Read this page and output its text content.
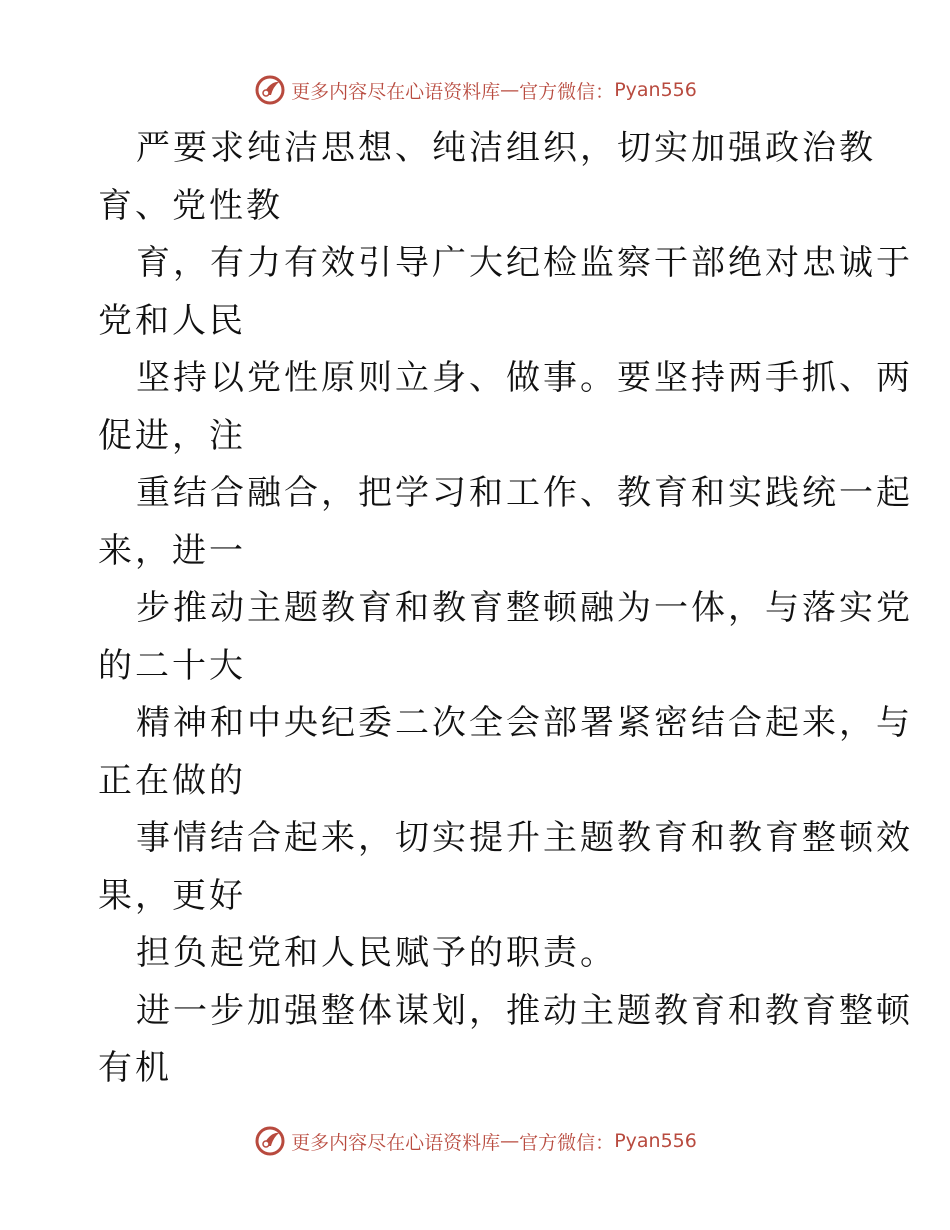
更多内容尽在心语资料库 — 官方微信： Pyan556

严要求纯洁思想、纯洁组织，切实加强政治教
育、党性教

育，有力有效引导广大纪检监察干部绝对忠诚于
党和人民

坚持以党性原则立身、做事。要坚持两手抓、两
促进，注

重结合融合，把学习和工作、教育和实践统一起
来，进一

步推动主题教育和教育整顿融为一体，与落实党
的二十大

精神和中央纪委二次全会部署紧密结合起来，与
正在做的

事情结合起来，切实提升主题教育和教育整顿效
果，更好

担负起党和人民赋予的职责。

进一步加强整体谋划，推动主题教育和教育整顿
有机

更多内容尽在心语资料库 — 官方微信： Pyan556
